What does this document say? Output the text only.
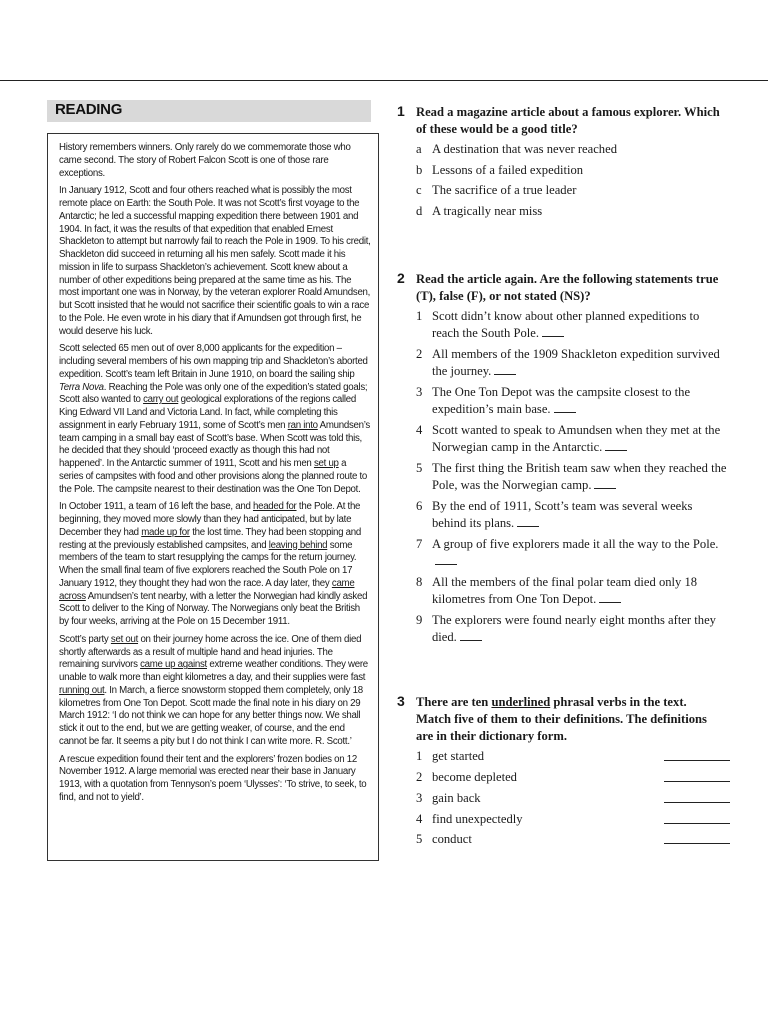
READING

History remembers winners. Only rarely do we commemorate those who came second. The story of Robert Falcon Scott is one of those rare exceptions.

In January 1912, Scott and four others reached what is possibly the most remote place on Earth: the South Pole. It was not Scott’s first voyage to the Antarctic; he led a successful mapping expedition there between 1901 and 1904. In fact, it was the results of that expedition that enabled Ernest Shackleton to attempt but narrowly fail to reach the Pole in 1909. To his credit, Shackleton did succeed in returning all his men safely. Scott made it his mission in life to surpass Shackleton’s achievement. Scott knew about a number of other expeditions being prepared at the same time as his. The most important one was in Norway, by the veteran explorer Roald Amundsen, but Scott insisted that he would not sacrifice their scientific goals to win a race to the Pole. He even wrote in his diary that if Amundsen got through first, he would deserve his luck.

Scott selected 65 men out of over 8,000 applicants for the expedition – including several members of his own mapping trip and Shackleton’s aborted expedition. Scott’s team left Britain in June 1910, on board the sailing ship Terra Nova. Reaching the Pole was only one of the expedition’s stated goals; Scott also wanted to carry out geological explorations of the regions called King Edward VII Land and Victoria Land. In fact, while completing this assignment in early February 1911, some of Scott’s men ran into Amundsen’s team camping in a small bay east of Scott’s base. When Scott was told this, he decided that they should ‘proceed exactly as though this had not happened’. In the Antarctic summer of 1911, Scott and his men set up a series of campsites with food and other provisions along the planned route to the Pole. The campsite nearest to their destination was the One Ton Depot.

In October 1911, a team of 16 left the base, and headed for the Pole. At the beginning, they moved more slowly than they had anticipated, but by late December they had made up for the lost time. They had been stopping and resting at the previously established campsites, and leaving behind some members of the team to start resupplying the camps for the return journey. When the small final team of five explorers reached the South Pole on 17 January 1912, they thought they had won the race. A day later, they came across Amundsen’s tent nearby, with a letter the Norwegian had kindly asked Scott to deliver to the King of Norway. The Norwegians only beat the British by four weeks, arriving at the Pole on 15 December 1911.

Scott’s party set out on their journey home across the ice. One of them died shortly afterwards as a result of multiple hand and head injuries. The remaining survivors came up against extreme weather conditions. They were unable to walk more than eight kilometres a day, and their supplies were fast running out. In March, a fierce snowstorm stopped them completely, only 18 kilometres from One Ton Depot. Scott made the final note in his diary on 29 March 1912: ‘I do not think we can hope for any better things now. We shall stick it out to the end, but we are getting weaker, of course, and the end cannot be far. It seems a pity but I do not think I can write more. R. Scott.’

A rescue expedition found their tent and the explorers’ frozen bodies on 12 November 1912. A large memorial was erected near their base in January 1913, with a quotation from Tennyson’s poem ‘Ulysses’: ‘To strive, to seek, to find, and not to yield’.

1 Read a magazine article about a famous explorer. Which of these would be a good title?
a A destination that was never reached
b Lessons of a failed expedition
c The sacrifice of a true leader
d A tragically near miss
2 Read the article again. Are the following statements true (T), false (F), or not stated (NS)?
1 Scott didn’t know about other planned expeditions to reach the South Pole.
2 All members of the 1909 Shackleton expedition survived the journey.
3 The One Ton Depot was the campsite closest to the expedition’s main base.
4 Scott wanted to speak to Amundsen when they met at the Norwegian camp in the Antarctic.
5 The first thing the British team saw when they reached the Pole, was the Norwegian camp.
6 By the end of 1911, Scott’s team was several weeks behind its plans.
7 A group of five explorers made it all the way to the Pole.
8 All the members of the final polar team died only 18 kilometres from One Ton Depot.
9 The explorers were found nearly eight months after they died.
3 There are ten underlined phrasal verbs in the text. Match five of them to their definitions. The definitions are in their dictionary form.
1 get started
2 become depleted
3 gain back
4 find unexpectedly
5 conduct
